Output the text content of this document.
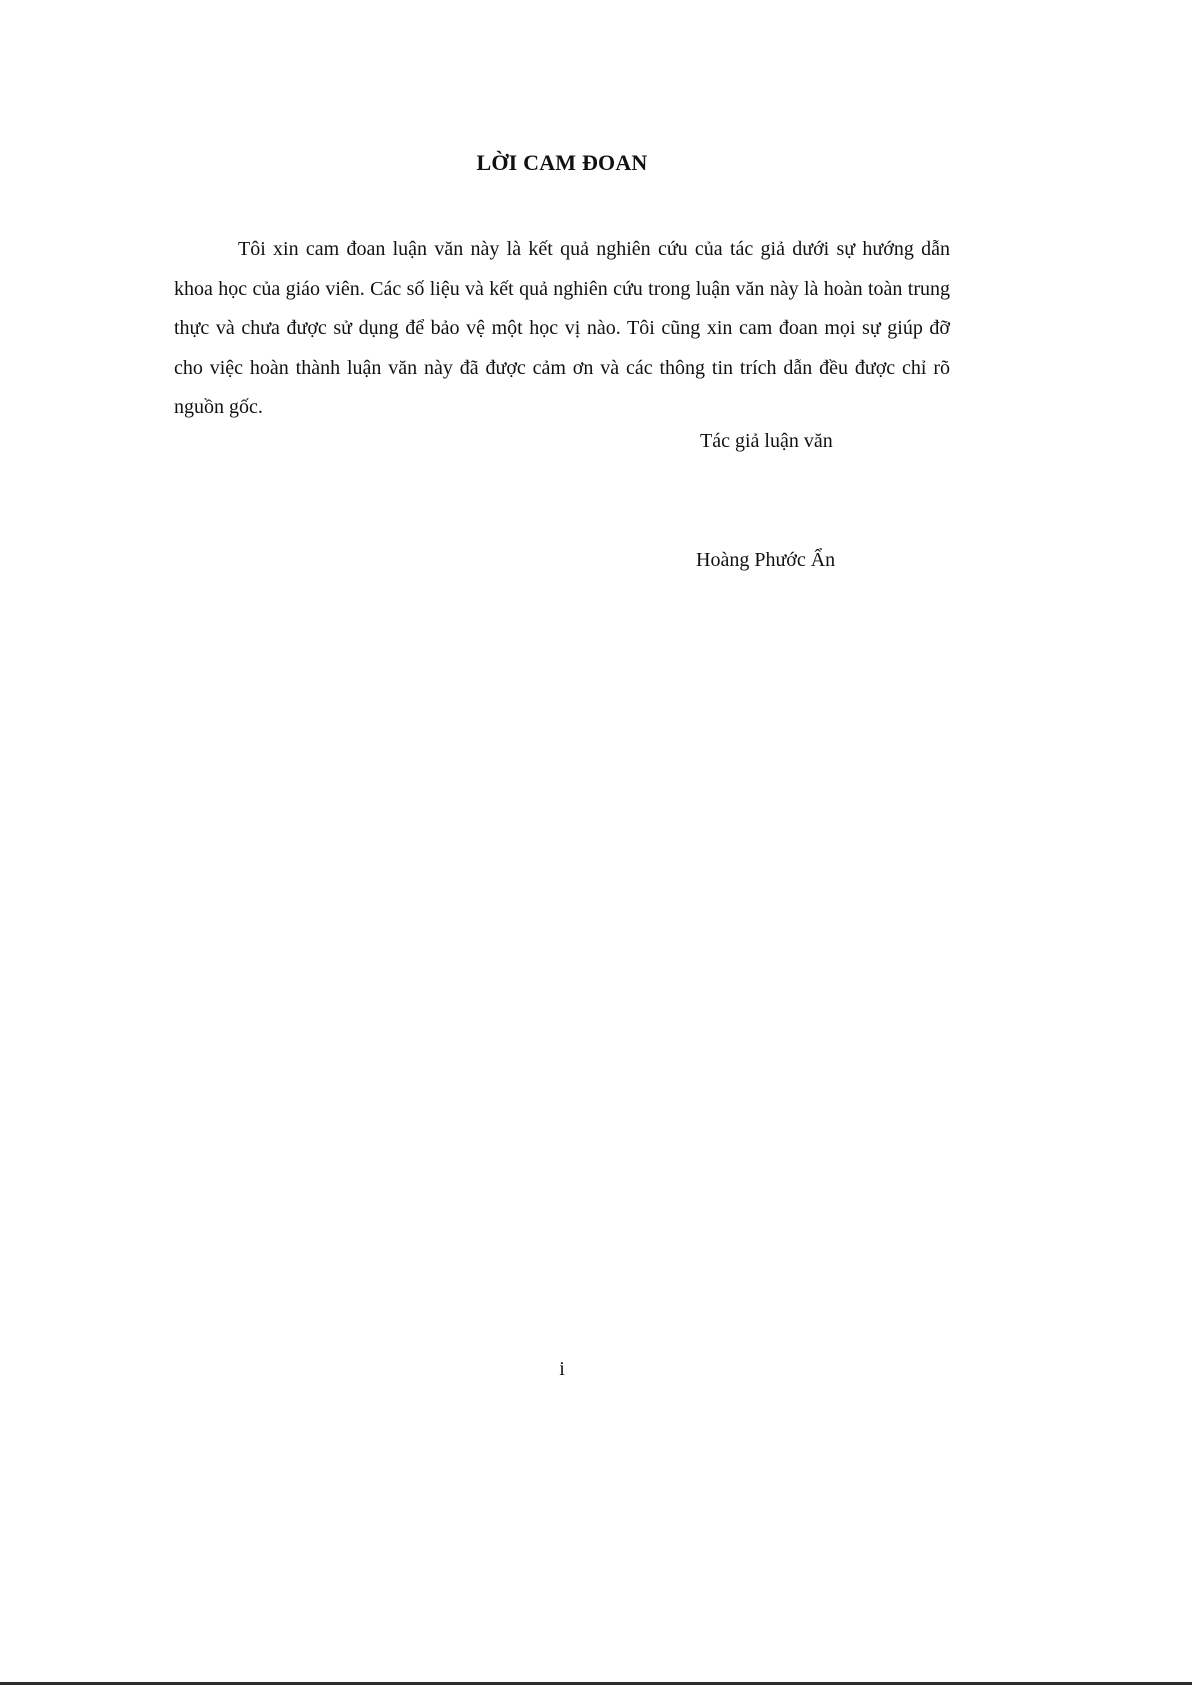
LỜI CAM ĐOAN

Tôi xin cam đoan luận văn này là kết quả nghiên cứu của tác giả dưới sự hướng dẫn khoa học của giáo viên. Các số liệu và kết quả nghiên cứu trong luận văn này là hoàn toàn trung thực và chưa được sử dụng để bảo vệ một học vị nào. Tôi cũng xin cam đoan mọi sự giúp đỡ cho việc hoàn thành luận văn này đã được cảm ơn và các thông tin trích dẫn đều được chỉ rõ nguồn gốc.

Tác giả luận văn
Hoàng Phước Ẩn
i
